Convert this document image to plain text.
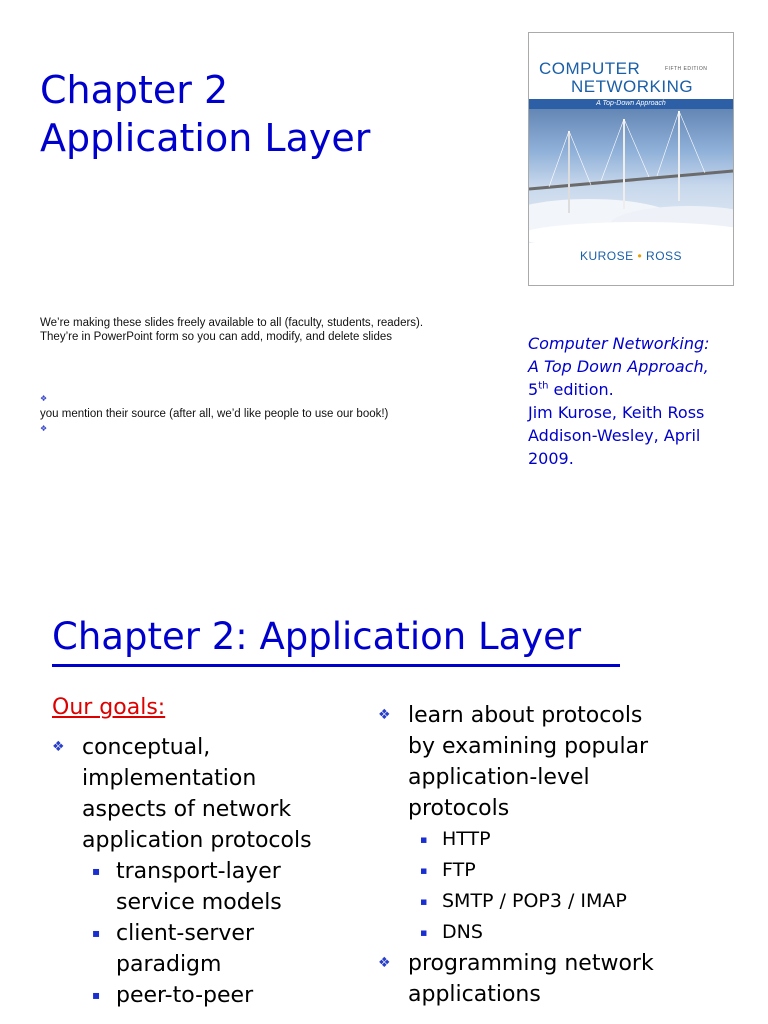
Chapter 2
Application Layer
COMPUTER	FIFTH EDITION
NETWORKING
A Top-Down Approach
KUROSE • ROSS

We’re making these slides freely available to all (faculty, students, readers).

They’re in PowerPoint form so you can add, modify, and delete slides

❖
you mention their source (after all, we’d like people to use our book!)
❖
Computer Networking:
A Top Down Approach,
5th edition.
Jim Kurose, Keith Ross
Addison-Wesley, April
2009.
Chapter 2: Application Layer
Our goals:
❖ conceptual,
implementation
aspects of network
application protocols
▪ transport-layer
service models
▪ client-server
paradigm
▪ peer-to-peer
❖ learn about protocols
by examining popular
application-level
protocols
▪ HTTP
▪ FTP
▪ SMTP / POP3 / IMAP
▪ DNS
❖ programming network
applications
